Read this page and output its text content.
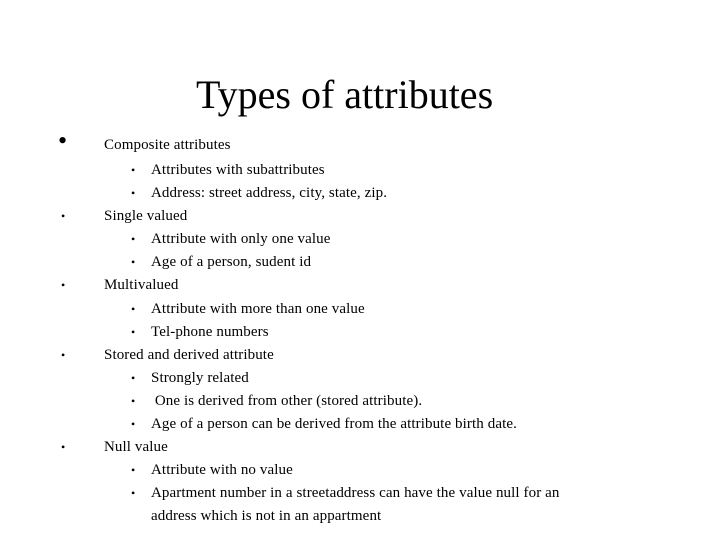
Types of attributes
• Composite attributes
• Attributes with subattributes
• Address: street address, city, state, zip.
•	Single valued
• Attribute with only one value
• Age of a person, sudent id
•	Multivalued
• Attribute with more than one value
• Tel-phone numbers
•	Stored and derived attribute
• Strongly related
• One is derived from other (stored attribute).
• Age of a person can be derived from the attribute birth date.
•	Null value
• Attribute with no value
• Apartment number in a streetaddress can have the value null for an
address which is not in an appartment
